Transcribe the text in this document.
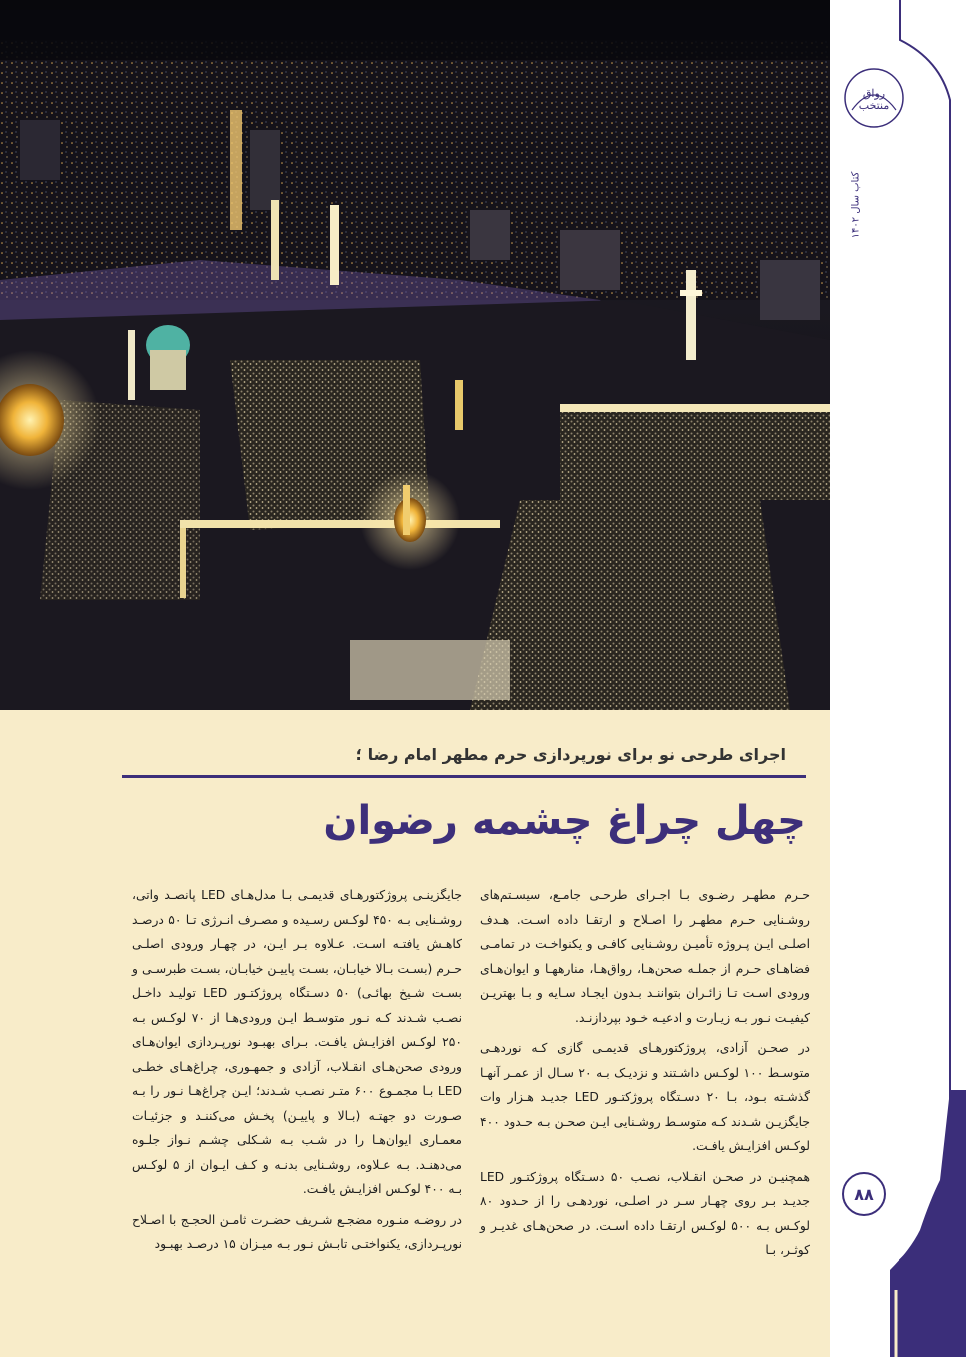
رواق منتخب
کتاب سال ۱۴۰۲
اجرای طرحی نو برای نورپردازی حرم مطهر امام رضا ؛
چهل چراغ چشمه رضوان

حـرم مطهـر رضـوی بـا اجـرای طرحـی جامـع، سیسـتم‌های روشـنایی حـرم مطهـر را اصـلاح و ارتقـا داده اسـت. هـدف اصلـی ایـن پـروژه تأمیـن روشـنایی کافـی و یکنواخـت در تمامـی فضاهـای حـرم از جملـه صحن‌هـا، رواق‌هـا، منارههـا و ایوان‌هـای ورودی اسـت تـا زائـران بتواننـد بـدون ایجـاد سـایه و بـا بهتریـن کیفیـت نـور بـه زیـارت و ادعیـه خـود بپردازنـد.

در صحـن آزادی، پروژکتورهـای قدیمـی گازی کـه نوردهـی متوسـط ۱۰۰ لوکـس داشـتند و نزدیـک بـه ۲۰ سـال از عمـر آنهـا گذشـته بـود، بـا ۲۰ دسـتگاه پروژکتـور LED جدیـد هـزار وات جایگزیـن شـدند کـه متوسـط روشـنایی ایـن صحـن بـه حـدود ۴۰۰ لوکـس افزایـش یافـت.

همچنیـن در صحـن انقـلاب، نصـب ۵۰ دسـتگاه پروژکتـور LED جدیـد بـر روی چهـار سـر در اصلـی، نوردهـی را از حـدود ۸۰ لوکـس بـه ۵۰۰ لوکـس ارتقـا داده اسـت. در صحن‌هـای غدیـر و کوثـر، بـا

جایگزینـی پروژکتورهـای قدیمـی بـا مدل‌هـای LED پانصـد واتی، روشـنایی بـه ۴۵۰ لوکـس رسـیده و مصـرف انـرژی تـا ۵۰ درصـد کاهـش یافتـه اسـت. عـلاوه بـر ایـن، در چهـار ورودی اصلـی حـرم (بسـت بـالا خیابـان، بسـت پاییـن خیابـان، بسـت طبرسـی و بسـت شـیخ بهائـی) ۵۰ دسـتگاه پروژکتـور LED تولیـد داخـل نصـب شـدند کـه نـور متوسـط ایـن ورودی‌هـا از ۷۰ لوکـس بـه ۲۵۰ لوکـس افزایـش یافـت. بـرای بهبـود نورپـردازی ایوان‌هـای ورودی صحن‌هـای انقـلاب، آزادی و جمهـوری، چراغ‌هـای خطـی LED بـا مجمـوع ۶۰۰ متـر نصـب شـدند؛ ایـن چراغ‌هـا نـور را بـه صـورت دو جهتـه (بـالا و پاییـن) پخـش می‌کننـد و جزئیـات معمـاری ایوان‌هـا را در شـب بـه شـکلی چشـم نـواز جلـوه می‌دهنـد. بـه عـلاوه، روشـنایی بدنـه و کـف ایـوان از ۵ لوکـس بـه ۴۰۰ لوکـس افزایـش یافـت.

در روضـه منـوره مضجـع شـریف حضـرت ثامـن الحجـج با اصـلاح نورپـردازی، یکنواختـی تابـش نـور بـه میـزان ۱۵ درصـد بهبـود

۸۸
